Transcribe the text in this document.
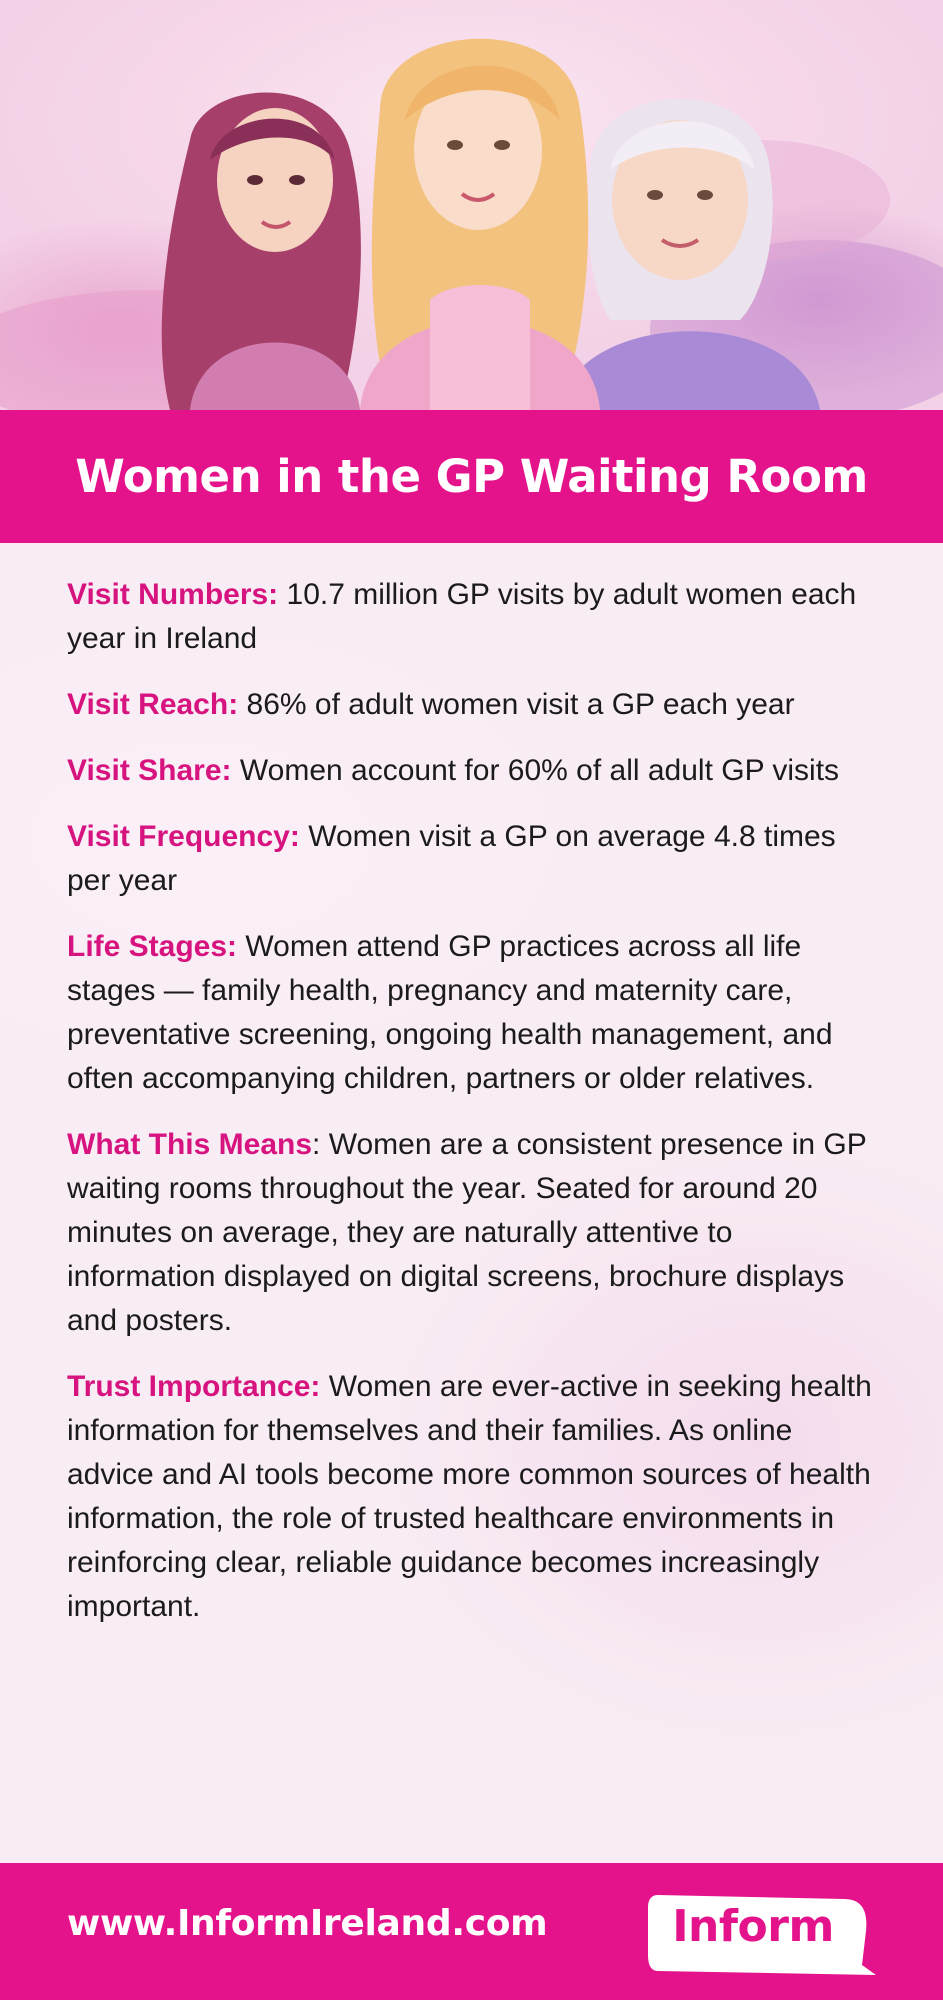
Women in the GP Waiting Room

Visit Numbers: 10.7 million GP visits by adult women each year in Ireland

Visit Reach: 86% of adult women visit a GP each year

Visit Share: Women account for 60% of all adult GP visits

Visit Frequency: Women visit a GP on average 4.8 times per year

Life Stages: Women attend GP practices across all life stages — family health, pregnancy and maternity care, preventative screening, ongoing health management, and often accompanying children, partners or older relatives.

What This Means: Women are a consistent presence in GP waiting rooms throughout the year. Seated for around 20 minutes on average, they are naturally attentive to information displayed on digital screens, brochure displays and posters.

Trust Importance: Women are ever-active in seeking health information for themselves and their families. As online advice and AI tools become more common sources of health information, the role of trusted healthcare environments in reinforcing clear, reliable guidance becomes increasingly important.

www.InformIreland.com	Inform
